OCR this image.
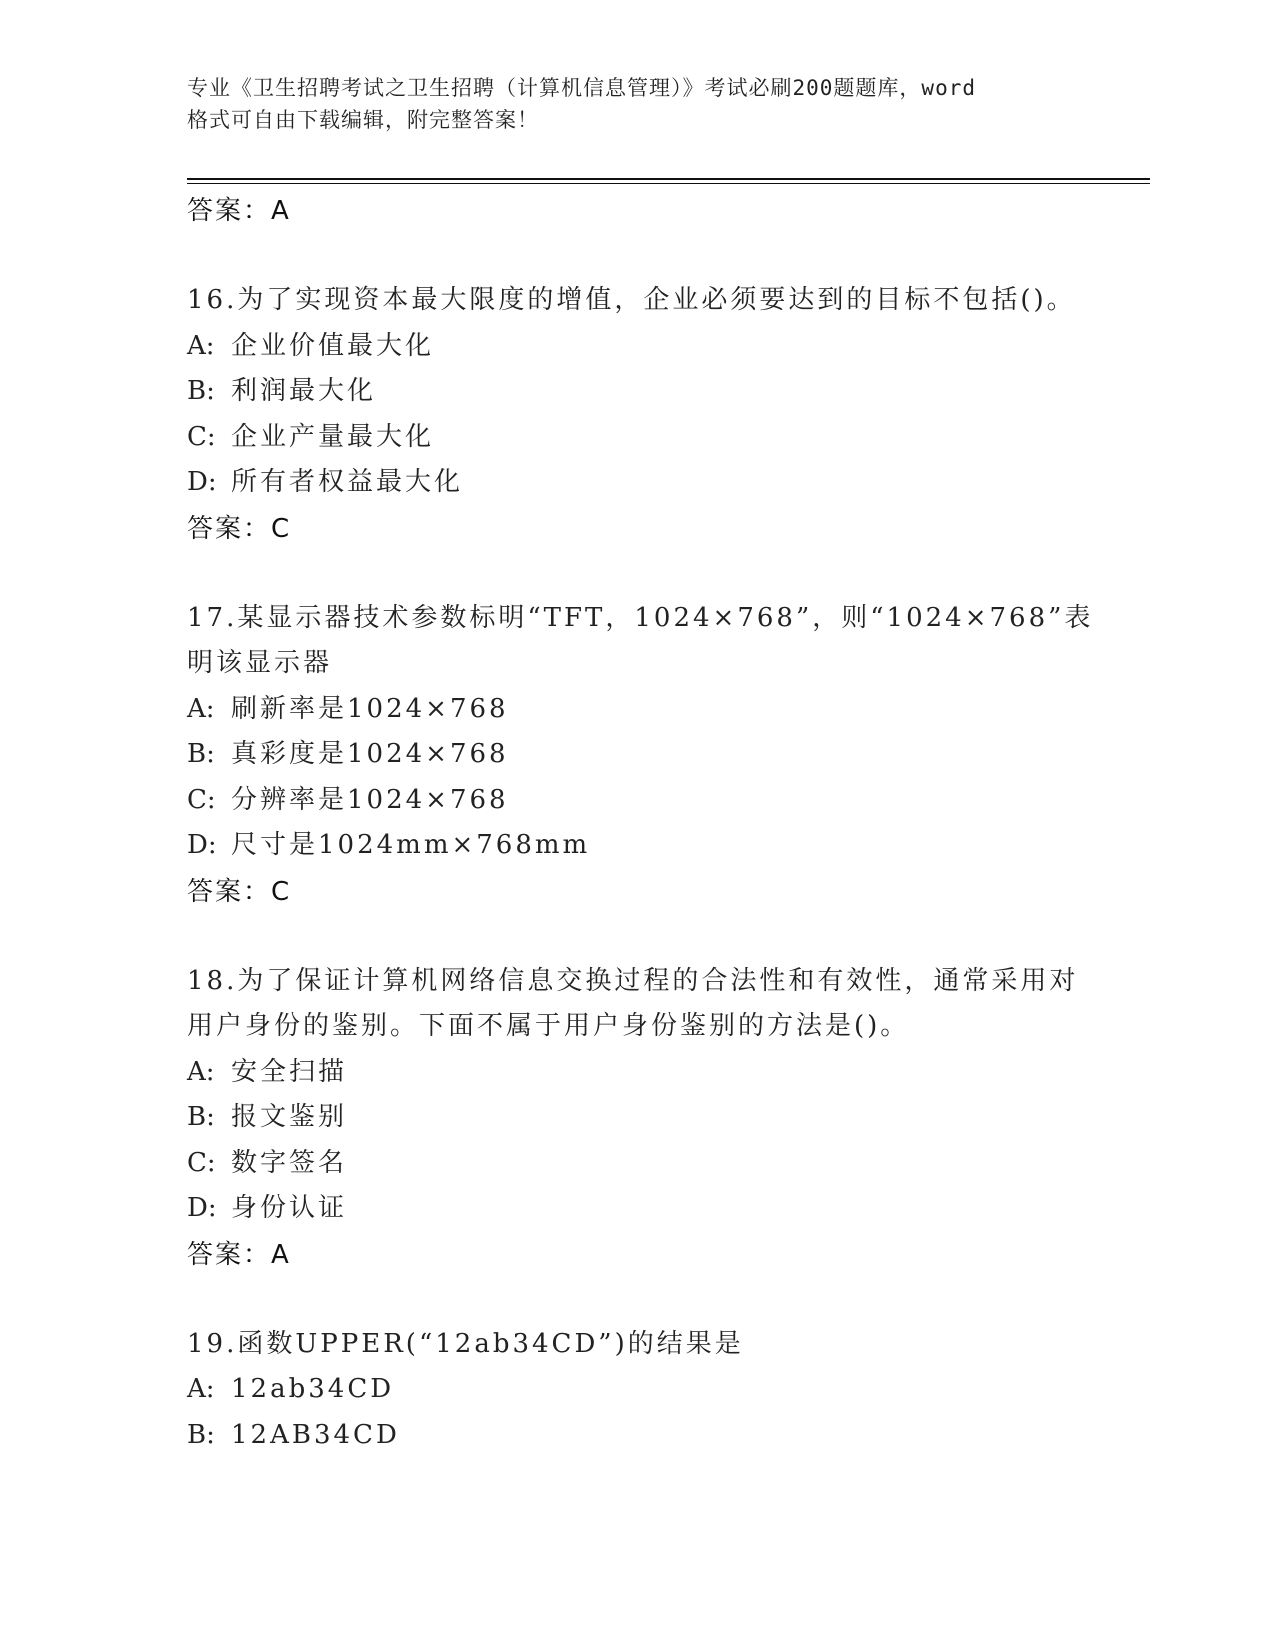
专业《卫生招聘考试之卫生招聘（计算机信息管理）》考试必刷200题题库，word
格式可自由下载编辑，附完整答案！
答案：A
16.为了实现资本最大限度的增值，企业必须要达到的目标不包括()。
A: 企业价值最大化
B: 利润最大化
C: 企业产量最大化
D: 所有者权益最大化
答案：C
17.某显示器技术参数标明“TFT，1024×768”，则“1024×768”表
明该显示器
A: 刷新率是1024×768
B: 真彩度是1024×768
C: 分辨率是1024×768
D: 尺寸是1024mm×768mm
答案：C
18.为了保证计算机网络信息交换过程的合法性和有效性，通常采用对
用户身份的鉴别。下面不属于用户身份鉴别的方法是()。
A: 安全扫描
B: 报文鉴别
C: 数字签名
D: 身份认证
答案：A
19.函数UPPER(“12ab34CD”)的结果是
A: 12ab34CD
B: 12AB34CD
